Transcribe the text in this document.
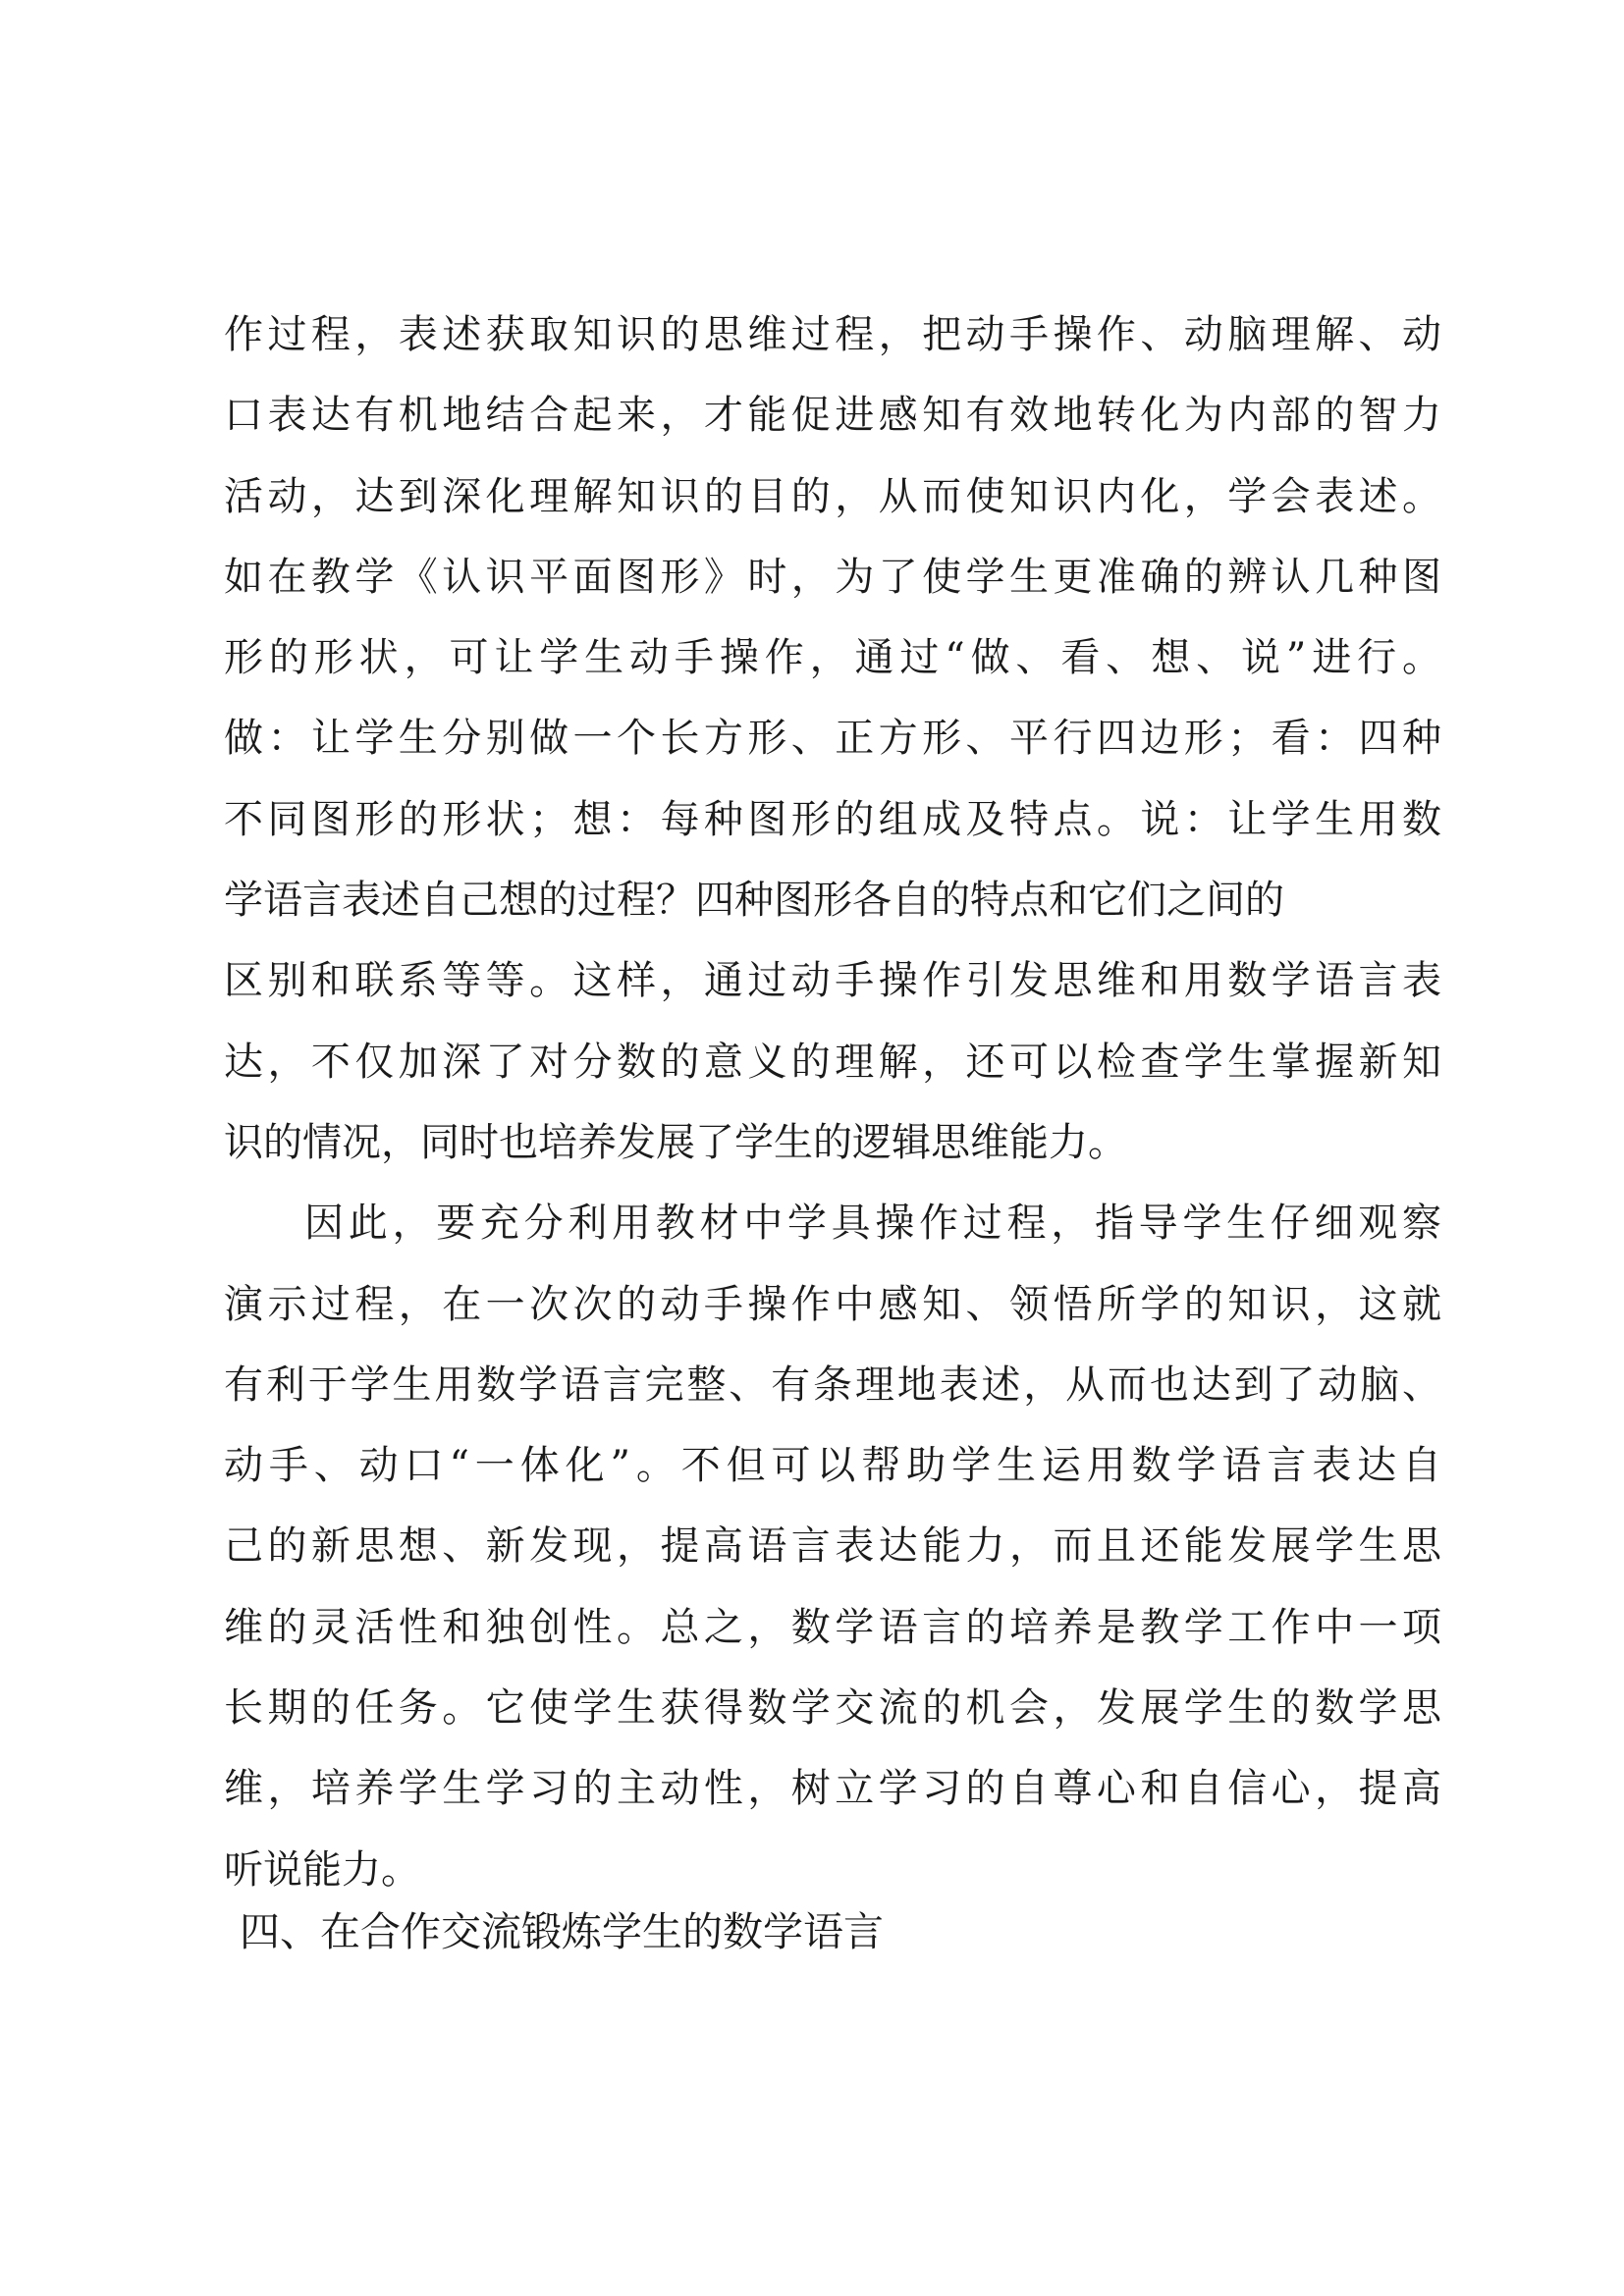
作过程，表述获取知识的思维过程，把动手操作、动脑理解、动
口表达有机地结合起来，才能促进感知有效地转化为内部的智力
活动，达到深化理解知识的目的，从而使知识内化，学会表述。
如在教学《认识平面图形》时，为了使学生更准确的辨认几种图
形的形状，可让学生动手操作，通过“做、看、想、说”进行。
做：让学生分别做一个长方形、正方形、平行四边形；看：四种
不同图形的形状；想：每种图形的组成及特点。说：让学生用数
学语言表述自己想的过程？四种图形各自的特点和它们之间的
区别和联系等等。这样，通过动手操作引发思维和用数学语言表
达，不仅加深了对分数的意义的理解，还可以检查学生掌握新知
识的情况，同时也培养发展了学生的逻辑思维能力。
因此，要充分利用教材中学具操作过程，指导学生仔细观察
演示过程，在一次次的动手操作中感知、领悟所学的知识，这就
有利于学生用数学语言完整、有条理地表述，从而也达到了动脑、
动手、动口“一体化”。不但可以帮助学生运用数学语言表达自
己的新思想、新发现，提高语言表达能力，而且还能发展学生思
维的灵活性和独创性。总之，数学语言的培养是教学工作中一项
长期的任务。它使学生获得数学交流的机会，发展学生的数学思
维，培养学生学习的主动性，树立学习的自尊心和自信心，提高
听说能力。
四、在合作交流锻炼学生的数学语言
